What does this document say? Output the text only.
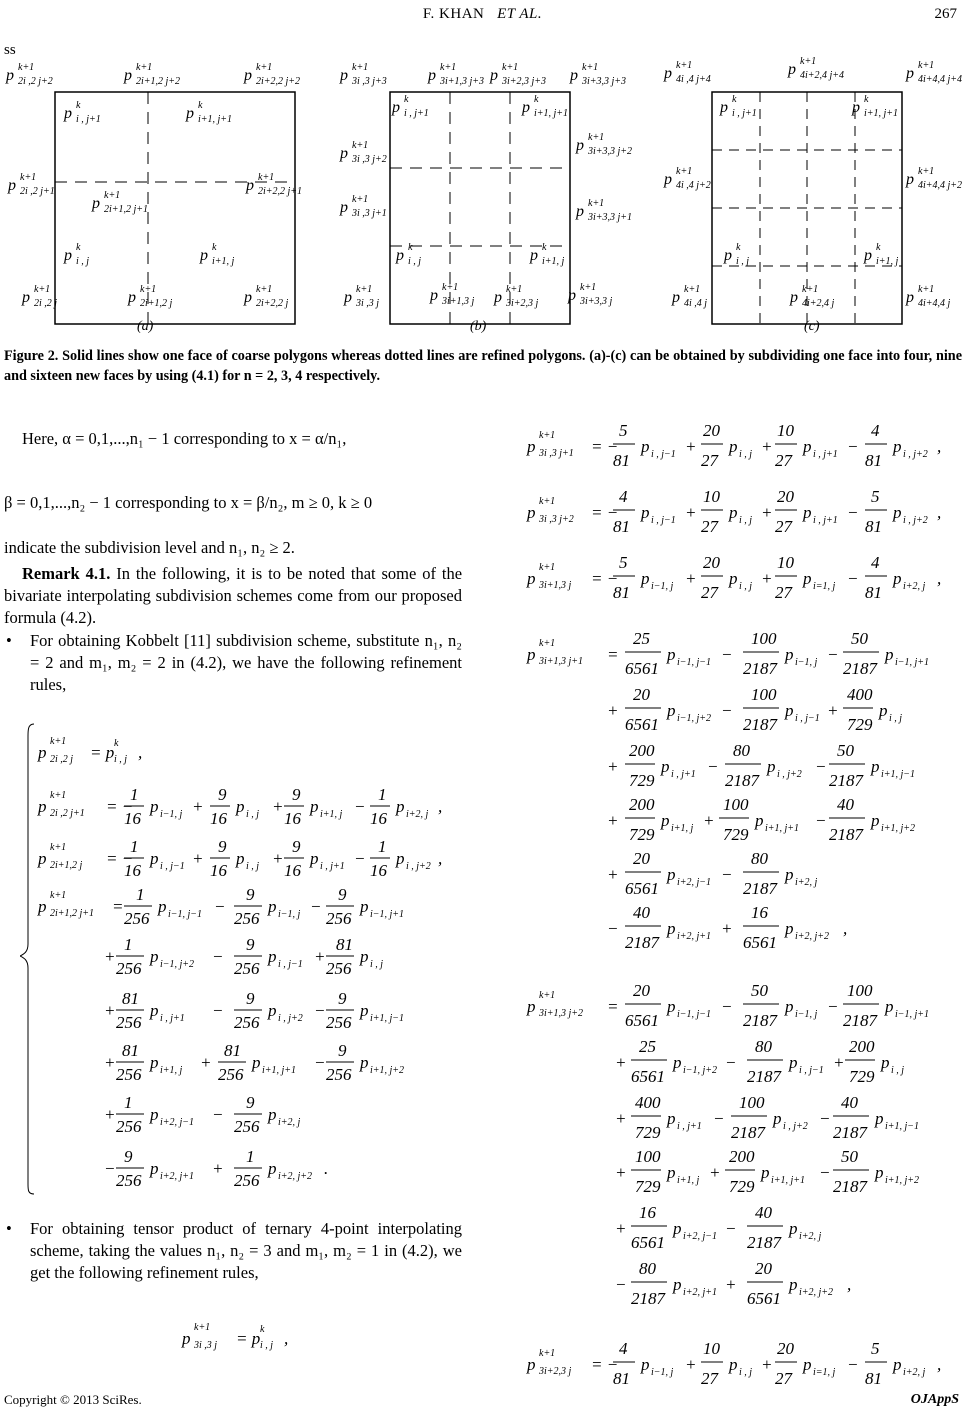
F. KHAN ET AL.	267
ss
p k+1
2i ,2 j+2	p k+1
2i+1,2 j+2	p k+1
2i+2,2 j+2
p k
i , j+1	p k
i+1, j+1
p k+1
2i ,2 j+1	p k+1
2i+2,2 j+1
p k+1
2i+1,2 j+1
p k
i , j	p k
i+1, j
p k+1
2i ,2 j	p k+1
2i+1,2 j	p k+1
2i+2,2 j
(a)
p k+1
3i ,3 j+3	p k+1
3i+1,3 j+3 p k+1
3i+2,3 j+3 p k+1
3i+3,3 j+3
p k
i , j+1	p k
i+1, j+1
p k+1
3i+3,3 j+2
p k+1
3i ,3 j+2
p k+1
3i+3,3 j+1
p k+1
3i ,3 j+1
p k
i , j	p k
i+1, j
p k+1
3i ,3 j	p k+1
3i+1,3 j p k+1
3i+2,3 j p k+1
3i+3,3 j
(b)
p k+1
4i ,4 j+4
p k+1
4i+2,4 j+4	p k+1
4i+4,4 j+4
p k
i , j+1	p k
i+1, j+1
p k+1
4i ,4 j+2	p k+1
4i+4,4 j+2
p k
i , j	p k
i+1, j
p k+1
4i ,4 j	p k+1
4i+2,4 j	p k+1
4i+4,4 j
(c)
Figure 2. Solid lines show one face of coarse polygons whereas dotted lines are refined polygons. (a)-(c) can be obtained by subdividing one face into four, nine and sixteen new faces by using (4.1) for n = 2, 3, 4 respectively.
Here, α = 0,1,...,n₁ − 1 corresponding to x = α/n₁,
β = 0,1,...,n₂ − 1 corresponding to x = β/n₂, m ≥ 0, k ≥ 0
indicate the subdivision level and n₁, n₂ ≥ 2.
Remark 4.1. In the following, it is to be noted that some of the bivariate interpolating subdivision schemes come from our proposed formula (4.2).
• For obtaining Kobbelt [11] subdivision scheme, substitute n₁, n₂ = 2 and m₁, m₂ = 2 in (4.2), we have the following refinement rules,
p
k+1
2i ,2 j = p k
i , j ,
p
k+1
2i ,2 j+1 = −
1
16
p i−1, j +
9
16
p i , j +
9
16
p i+1, j −
1
16
p i+2, j ,
p
k+1
2i+1,2 j = −
1
16
p i , j−1 +
9
16
p i , j +
9
16
p i , j+1 −
1
16
p i , j+2 ,
p
k+1
2i+1,2 j+1 =
1
256
p i−1, j−1 −
9
256
p i−1, j −
9
256
p i−1, j+1
+
1
256
p i−1, j+2 −
9
256
p i , j−1 +
81
256
p i , j
+
81
256
p i , j+1 −
9
256
p i , j+2 −
9
256
p i+1, j−1
+
81
256
p i+1, j +
81
256
p i+1, j+1 −
9
256
p i+1, j+2
+
1
256
p i+2, j−1 −
9
256
p i+2, j
−
9
256
p i+2, j+1 +
1
256
p i+2, j+2 .
• For obtaining tensor product of ternary 4-point interpolating scheme, taking the values n₁, n₂ = 3 and m₁, m₂ = 1 in (4.2), we get the following refinement rules,
p
k+1
3i ,3 j = p k
i , j ,
p
k+1
3i ,3 j+1 = −
5
81
p i , j−1 +
20
27
p i , j +
10
27
p i , j+1 −
4
81
p i , j+2 ,
p
k+1
3i ,3 j+2 = −
4
81
p i , j−1 +
10
27
p i , j +
20
27
p i , j+1 −
5
81
p i , j+2 ,
p
k+1
3i+1,3 j = −
5
81
p i−1, j +
20
27
p i , j +
10
27
p i=1, j −
4
81
p i+2, j ,
p
k+1
3i+1,3 j+1 =
25
6561
p i−1, j−1 −
100
2187
p i−1, j −
50
2187
p i−1, j+1
+
20
6561
p i−1, j+2 −
100
2187
p i , j−1 +
400
729
p i , j
+
200
729
p i , j+1 −
80
2187
p i , j+2 −
50
2187
p i+1, j−1
+
200
729
p i+1, j +
100
729
p i+1, j+1 −
40
2187
p i+1, j+2
+
20
6561
p i+2, j−1 −
80
2187
p i+2, j
−
40
2187
p i+2, j+1 +
16
6561
p i+2, j+2 ,
p
k+1
3i+1,3 j+2 =
20
6561
p i−1, j−1 −
50
2187
p i−1, j −
100
2187
p i−1, j+1
+
25
6561
p i−1, j+2 −
80
2187
p i , j−1 +
200
729
p i , j
+
400
729
p i , j+1 −
100
2187
p i , j+2 −
40
2187
p i+1, j−1
+
100
729
p i+1, j +
200
729
p i+1, j+1 −
50
2187
p i+1, j+2
+
16
6561
p i+2, j−1 −
40
2187
p i+2, j
−
80
2187
p i+2, j+1 +
20
6561
p i+2, j+2 ,
p
k+1
3i+2,3 j = −
4
81
p i−1, j +
10
27
p i , j +
20
27
p i=1, j −
5
81
p i+2, j ,
Copyright © 2013 SciRes.	OJAppS
